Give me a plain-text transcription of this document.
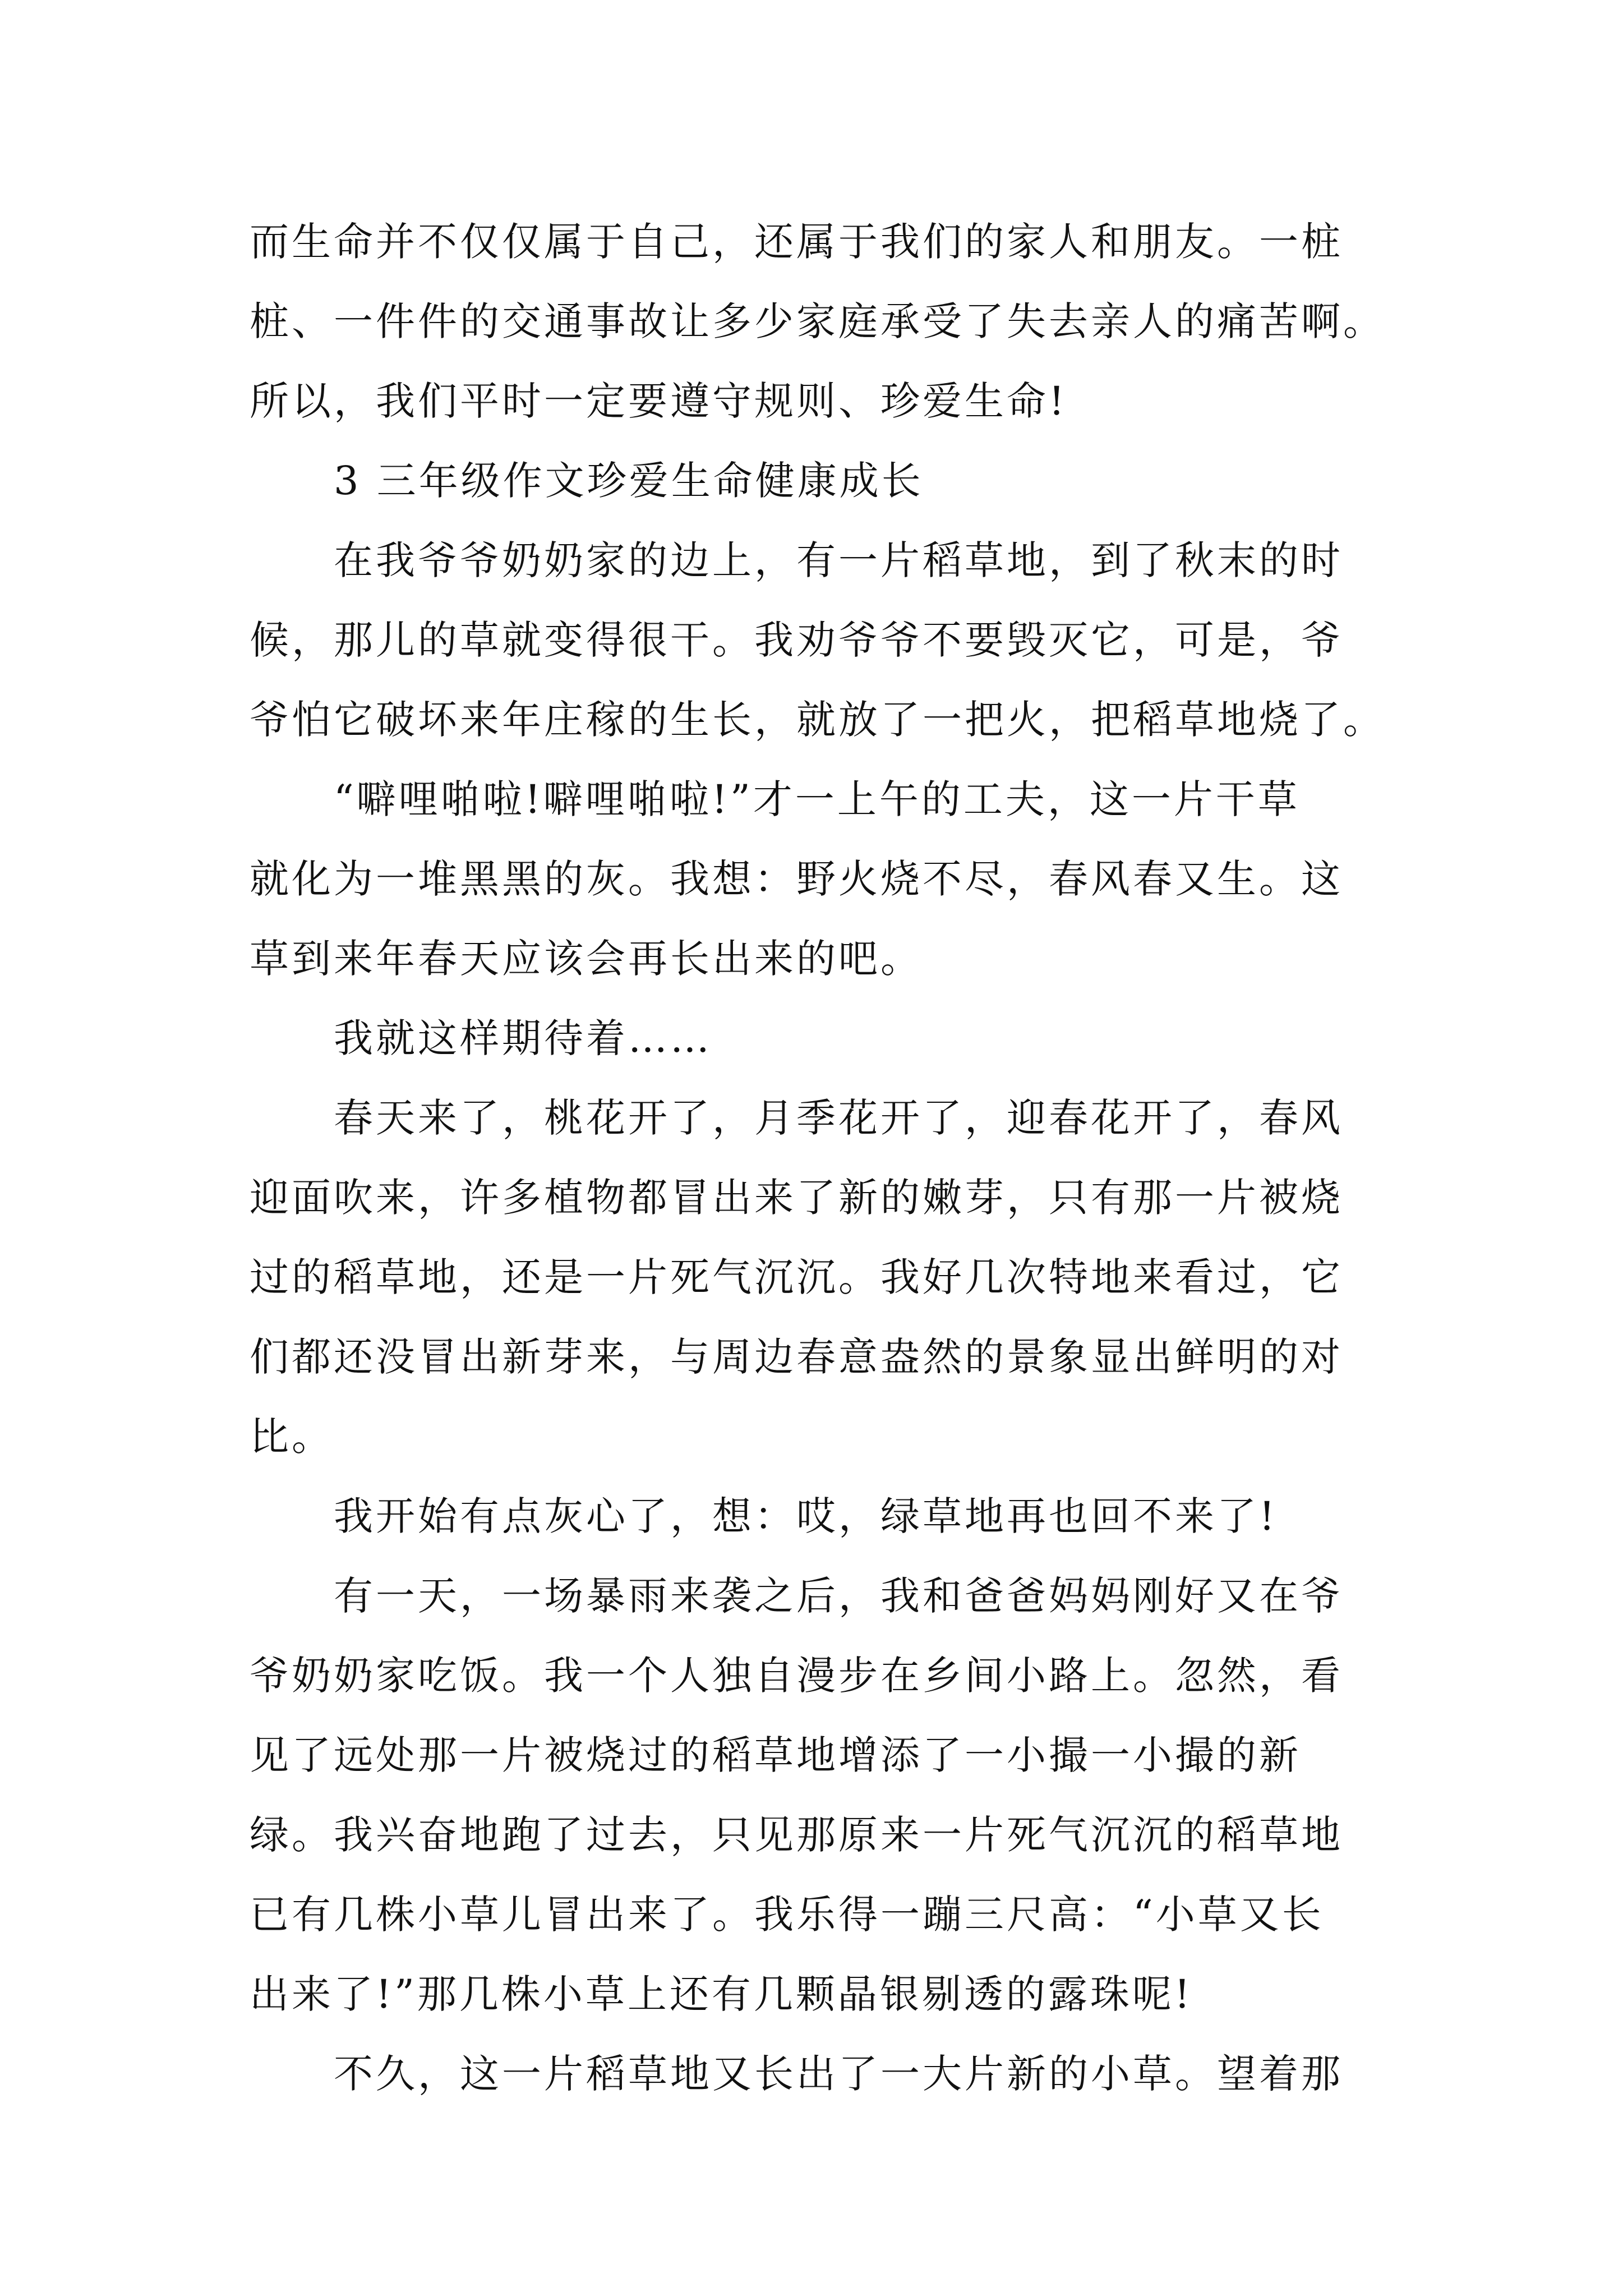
而生命并不仅仅属于自己，还属于我们的家人和朋友。一桩
桩、一件件的交通事故让多少家庭承受了失去亲人的痛苦啊。
所以，我们平时一定要遵守规则、珍爱生命!
3 三年级作文珍爱生命健康成长
在我爷爷奶奶家的边上，有一片稻草地，到了秋末的时
候，那儿的草就变得很干。我劝爷爷不要毁灭它，可是，爷
爷怕它破坏来年庄稼的生长，就放了一把火，把稻草地烧了。
“噼哩啪啦!噼哩啪啦!”才一上午的工夫，这一片干草
就化为一堆黑黑的灰。我想：野火烧不尽，春风春又生。这
草到来年春天应该会再长出来的吧。
我就这样期待着……
春天来了，桃花开了，月季花开了，迎春花开了，春风
迎面吹来，许多植物都冒出来了新的嫩芽，只有那一片被烧
过的稻草地，还是一片死气沉沉。我好几次特地来看过，它
们都还没冒出新芽来，与周边春意盎然的景象显出鲜明的对
比。
我开始有点灰心了，想：哎，绿草地再也回不来了!
有一天，一场暴雨来袭之后，我和爸爸妈妈刚好又在爷
爷奶奶家吃饭。我一个人独自漫步在乡间小路上。忽然，看
见了远处那一片被烧过的稻草地增添了一小撮一小撮的新
绿。我兴奋地跑了过去，只见那原来一片死气沉沉的稻草地
已有几株小草儿冒出来了。我乐得一蹦三尺高：“小草又长
出来了!”那几株小草上还有几颗晶银剔透的露珠呢!
不久，这一片稻草地又长出了一大片新的小草。望着那
